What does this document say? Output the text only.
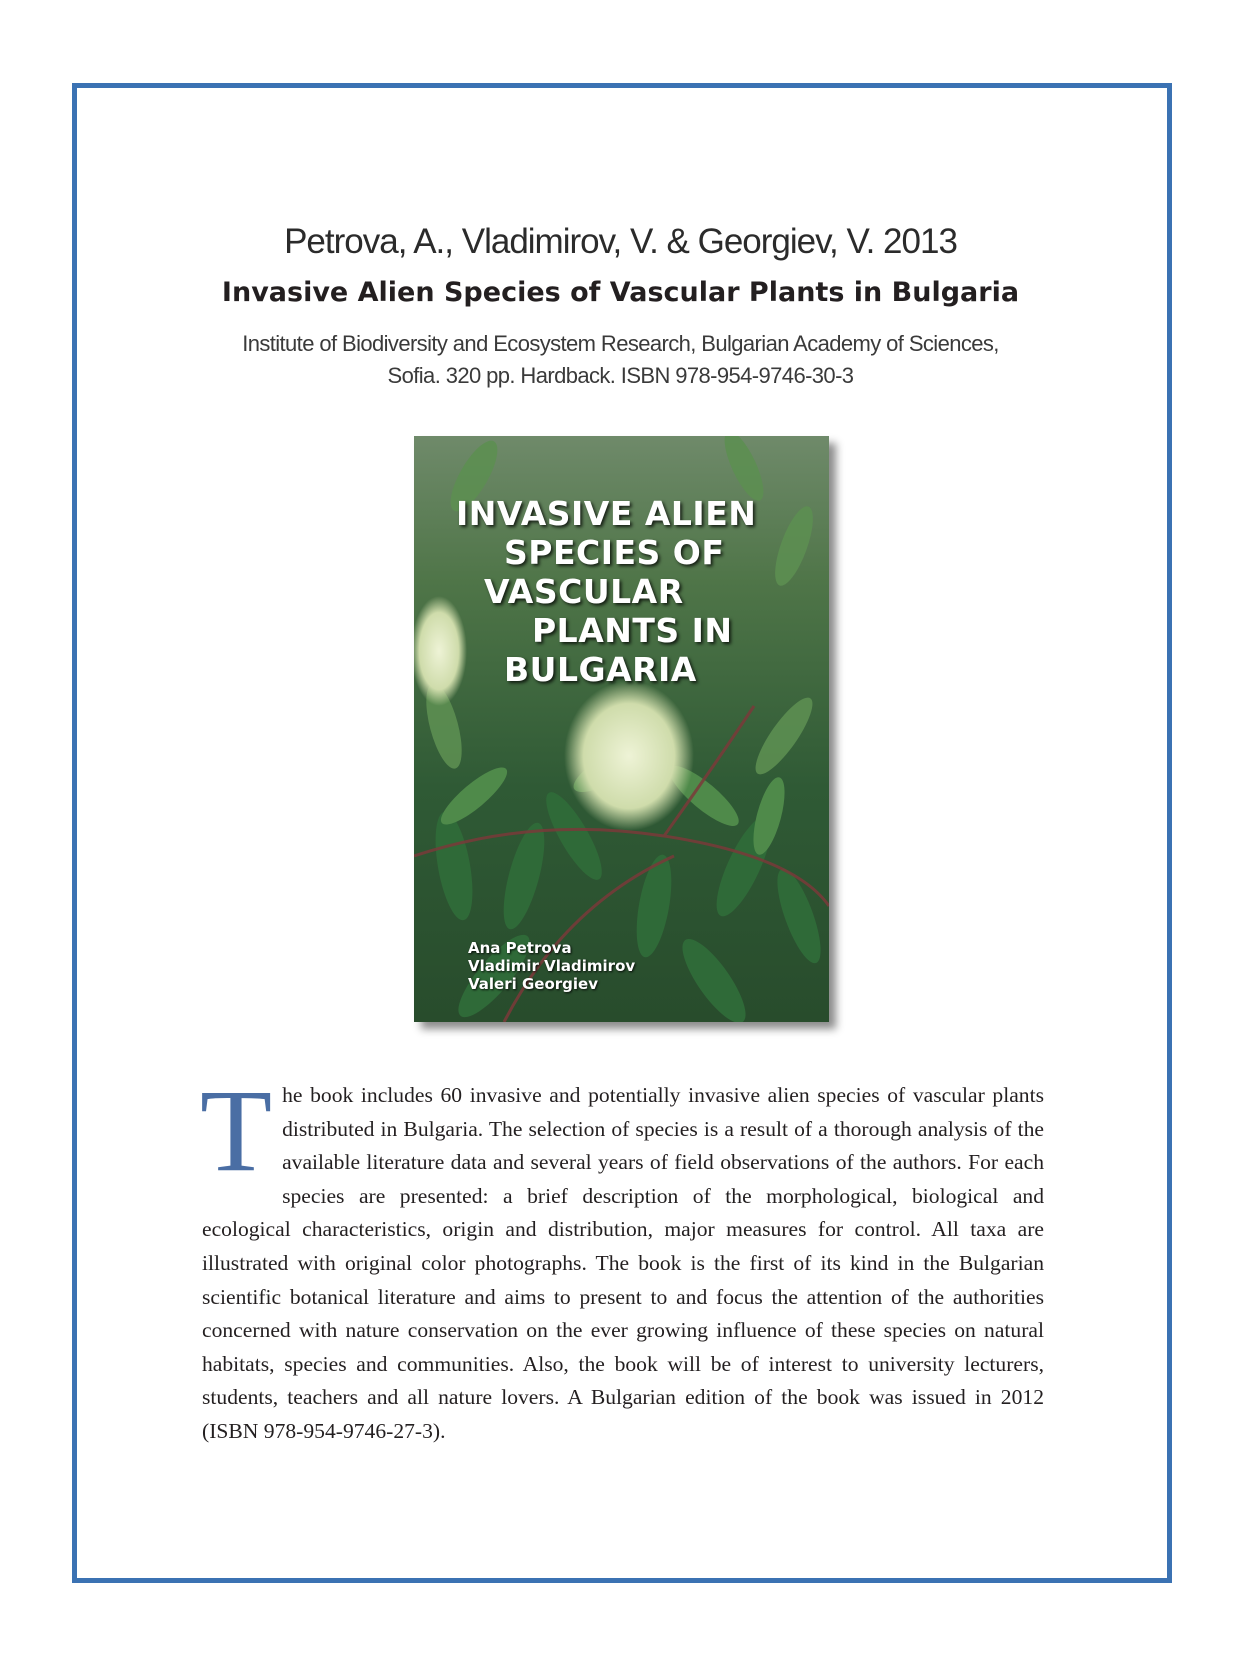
Petrova, A., Vladimirov, V. & Georgiev, V. 2013
Invasive Alien Species of Vascular Plants in Bulgaria
Institute of Biodiversity and Ecosystem Research, Bulgarian Academy of Sciences,
Sofia. 320 pp. Hardback. ISBN 978-954-9746-30-3
INVASIVE ALIEN
SPECIES OF
VASCULAR
PLANTS IN
BULGARIA
Ana Petrova
Vladimir Vladimirov
Valeri Georgiev
T he book includes 60 invasive and potentially invasive alien species of vascular plants distributed in Bulgaria. The selection of species is a result of a thorough analysis of the available literature data and several years of field observations of the authors. For each species are presented: a brief description of the morphological, biological and ecological characteristics, origin and distribution, major measures for control. All taxa are illustrated with original color photographs. The book is the first of its kind in the Bulgarian scientific botanical literature and aims to present to and focus the attention of the authorities concerned with nature conservation on the ever growing influence of these species on natural habitats, species and communities. Also, the book will be of interest to university lecturers, students, teachers and all nature lovers. A Bulgarian edition of the book was issued in 2012 (ISBN 978-954-9746-27-3).
